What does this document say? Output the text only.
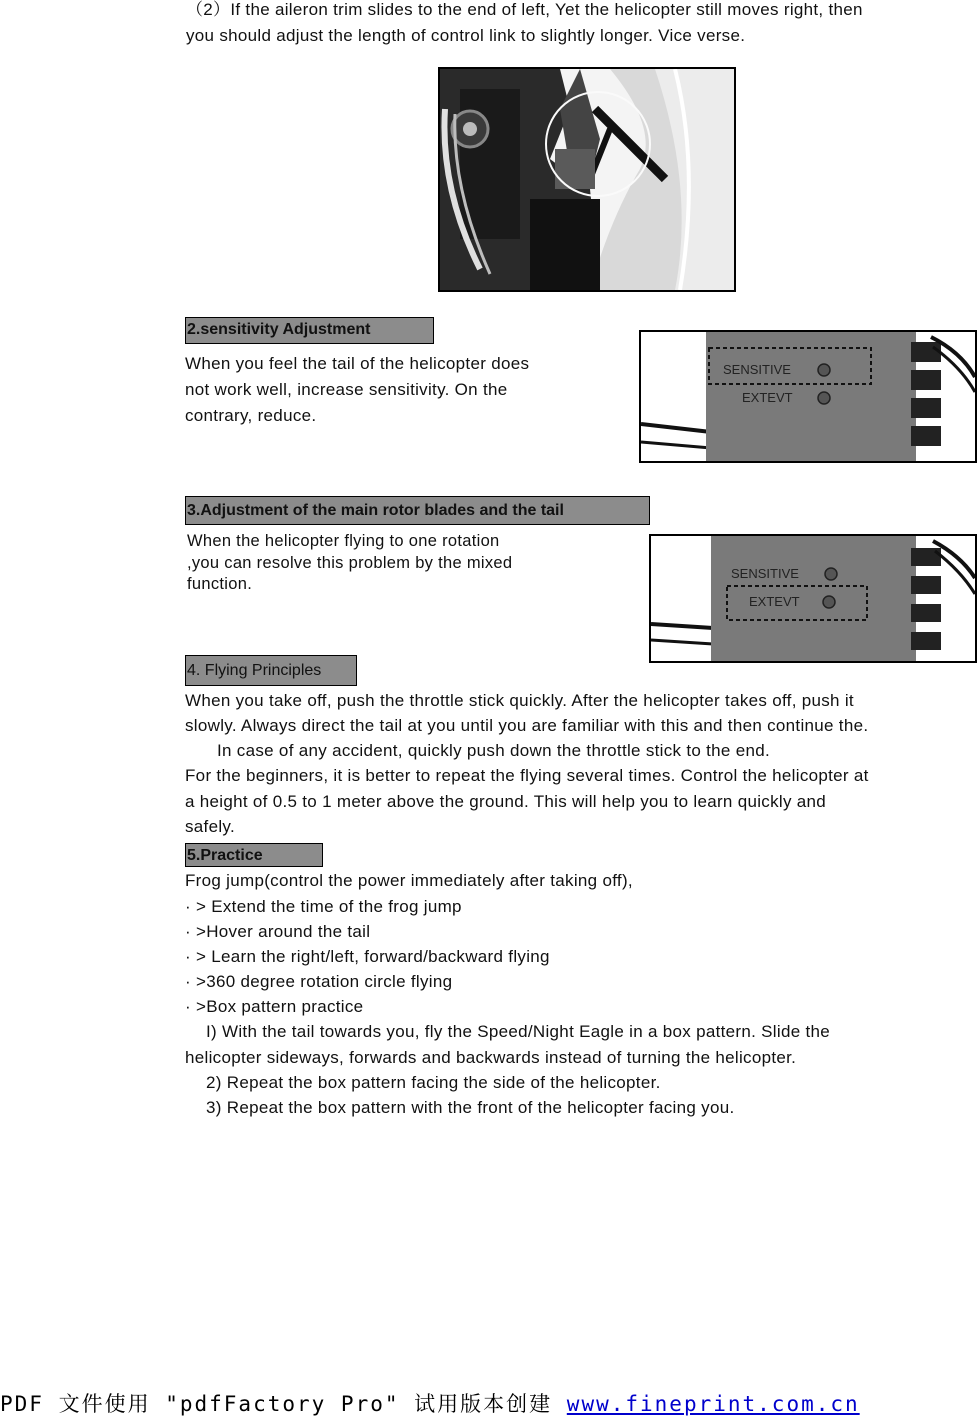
（2）If the aileron trim slides to the end of left, Yet the helicopter still moves right, then
you should adjust the length of control link to slightly longer. Vice verse.
2.sensitivity Adjustment
When you feel the tail of the helicopter does
not work well, increase sensitivity. On the
contrary, reduce.
SENSITIVE
EXTEVT
3.Adjustment of the main rotor blades and the tail
When the helicopter flying to one rotation
,you can resolve this problem by the mixed
function.
SENSITIVE
EXTEVT
4. Flying Principles
When you take off, push the throttle stick quickly. After the helicopter takes off, push it
slowly. Always direct the tail at you until you are familiar with this and then continue the.
In case of any accident, quickly push down the throttle stick to the end.
For the beginners, it is better to repeat the flying several times. Control the helicopter at
a height of 0.5 to 1 meter above the ground. This will help you to learn quickly and
safely.
5.Practice
Frog jump(control the power immediately after taking off),
· > Extend the time of the frog jump
· >Hover around the tail
· > Learn the right/left, forward/backward flying
· >360 degree rotation circle flying
· >Box pattern practice
I) With the tail towards you, fly the Speed/Night Eagle in a box pattern. Slide the
helicopter sideways, forwards and backwards instead of turning the helicopter.
2) Repeat the box pattern facing the side of the helicopter.
3) Repeat the box pattern with the front of the helicopter facing you.
PDF 文件使用 "pdfFactory Pro" 试用版本创建 www.fineprint.com.cn
